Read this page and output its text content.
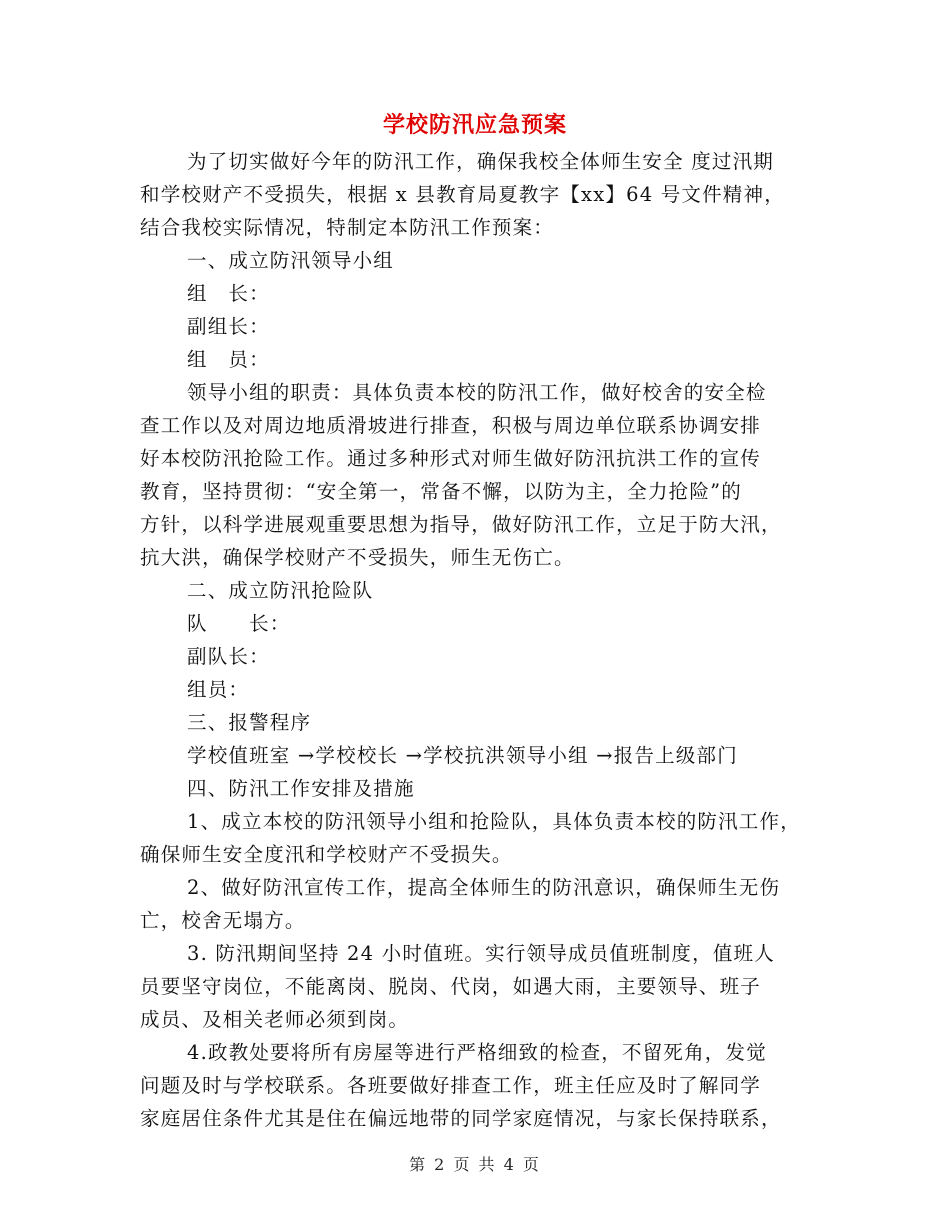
学校防汛应急预案
为了切实做好今年的防汛工作，确保我校全体师生安全 度过汛期
和学校财产不受损失，根据 x 县教育局夏教字【xx】64 号文件精神，
结合我校实际情况，特制定本防汛工作预案：
一、成立防汛领导小组
组　长：
副组长：
组　员：
领导小组的职责：具体负责本校的防汛工作，做好校舍的安全检
查工作以及对周边地质滑坡进行排查，积极与周边单位联系协调安排
好本校防汛抢险工作。通过多种形式对师生做好防汛抗洪工作的宣传
教育，坚持贯彻：“安全第一，常备不懈，以防为主，全力抢险”的
方针，以科学进展观重要思想为指导，做好防汛工作，立足于防大汛，
抗大洪，确保学校财产不受损失，师生无伤亡。
二、成立防汛抢险队
队　　长：
副队长：
组员：
三、报警程序
学校值班室 →学校校长 →学校抗洪领导小组 →报告上级部门
四、防汛工作安排及措施
1、成立本校的防汛领导小组和抢险队，具体负责本校的防汛工作，
确保师生安全度汛和学校财产不受损失。
2、做好防汛宣传工作，提高全体师生的防汛意识，确保师生无伤
亡，校舍无塌方。
3. 防汛期间坚持 24 小时值班。实行领导成员值班制度，值班人
员要坚守岗位，不能离岗、脱岗、代岗，如遇大雨，主要领导、班子
成员、及相关老师必须到岗。
4.政教处要将所有房屋等进行严格细致的检查，不留死角，发觉
问题及时与学校联系。各班要做好排查工作，班主任应及时了解同学
家庭居住条件尤其是住在偏远地带的同学家庭情况，与家长保持联系，
第 2 页 共 4 页
